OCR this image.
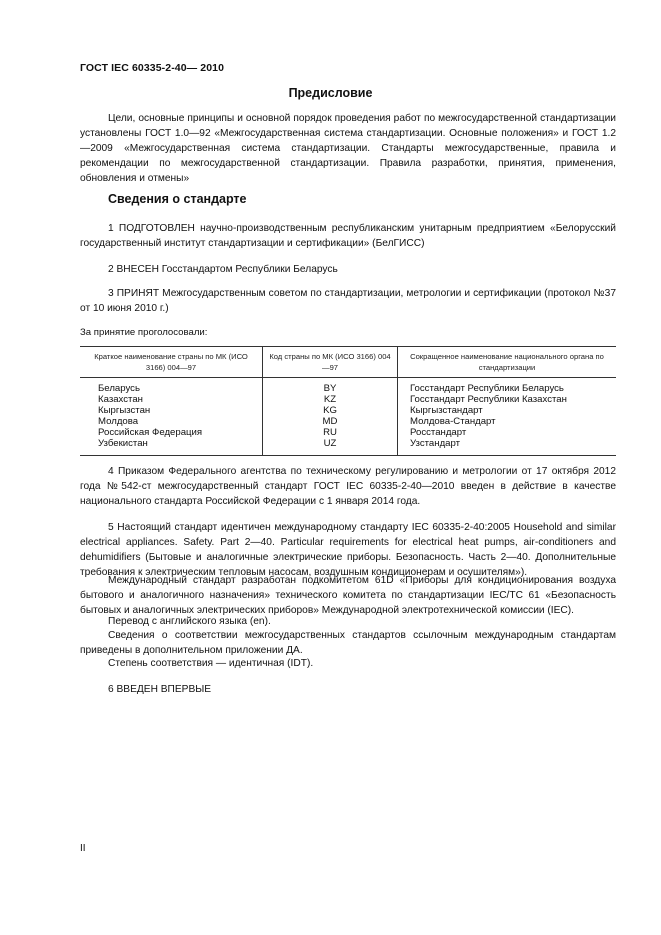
ГОСТ IEC 60335-2-40— 2010
Предисловие
Цели, основные принципы и основной порядок проведения работ по межгосударственной стандартизации установлены ГОСТ 1.0—92 «Межгосударственная система стандартизации. Основные положения» и ГОСТ 1.2—2009 «Межгосударственная система стандартизации. Стандарты межгосударственные, правила и рекомендации по межгосударственной стандартизации. Правила разработки, принятия, применения, обновления и отмены»
Сведения о стандарте
1 ПОДГОТОВЛЕН научно-производственным республиканским унитарным предприятием «Белорусский государственный институт стандартизации и сертификации» (БелГИСС)
2 ВНЕСЕН Госстандартом Республики Беларусь
3 ПРИНЯТ Межгосударственным советом по стандартизации, метрологии и сертификации (протокол №37 от 10 июня 2010 г.)
За принятие проголосовали:
Краткое наименование страны по МК (ИСО 3166) 004—97	Код страны по МК (ИСО 3166) 004—97	Сокращенное наименование национального органа по стандартизации
Беларусь	BY	Госстандарт Республики Беларусь
Казахстан	KZ	Госстандарт Республики Казахстан
Кыргызстан	KG	Кыргызстандарт
Молдова	MD	Молдова-Стандарт
Российская Федерация	RU	Росстандарт
Узбекистан	UZ	Узстандарт
4 Приказом Федерального агентства по техническому регулированию и метрологии от 17 октября 2012 года №542-ст межгосударственный стандарт ГОСТ IEC 60335-2-40—2010 введен в действие в качестве национального стандарта Российской Федерации с 1 января 2014 года.
5 Настоящий стандарт идентичен международному стандарту IEC 60335-2-40:2005 Household and similar electrical appliances. Safety. Part 2—40. Particular requirements for electrical heat pumps, air-conditioners and dehumidifiers (Бытовые и аналогичные электрические приборы. Безопасность. Часть 2—40. Дополнительные требования к электрическим тепловым насосам, воздушным кондиционерам и осушителям»).
Международный стандарт разработан подкомитетом 61D «Приборы для кондиционирования воздуха бытового и аналогичного назначения» технического комитета по стандартизации IEC/TC 61 «Безопасность бытовых и аналогичных электрических приборов» Международной электротехнической комиссии (IEC).
Перевод с английского языка (en).
Сведения о соответствии межгосударственных стандартов ссылочным международным стандартам приведены в дополнительном приложении ДА.
Степень соответствия — идентичная (IDT).
6 ВВЕДЕН ВПЕРВЫЕ
II
